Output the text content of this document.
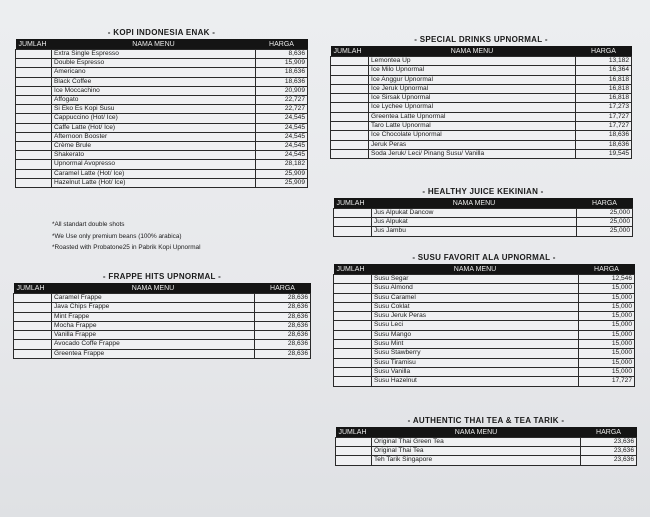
- KOPI INDONESIA ENAK -
JUMLAH	NAMA MENU	HARGA
	Extra Single Espresso	8,636
	Double Espresso	15,909
	Americano	18,636
	Black Coffee	18,636
	Ice Moccachino	20,909
	Affogato	22,727
	Si Eko Es Kopi Susu	22,727
	Cappuccino (Hot/ Ice)	24,545
	Caffe Latte (Hot/ Ice)	24,545
	Afternoon Booster	24,545
	Crème Brule	24,545
	Shakerato	24,545
	Upnormal Avopresso	28,182
	Caramel Latte (Hot/ Ice)	25,909
	Hazelnut Latte (Hot/ Ice)	25,909
*All standart double shots
*We Use only premium beans (100% arabica)
*Roasted with Probatone25 in Pabrik Kopi Upnormal
- FRAPPE HITS UPNORMAL -
JUMLAH	NAMA MENU	HARGA
	Caramel Frappe	28,636
	Java Chips Frappe	28,636
	Mint Frappe	28,636
	Mocha Frappe	28,636
	Vanilla Frappe	28,636
	Avocado Coffe Frappe	28,636
	Greentea Frappe	28,636
- SPECIAL DRINKS UPNORMAL -
JUMLAH	NAMA MENU	HARGA
	Lemontea Up	13,182
	Ice Milo Upnormal	16,364
	Ice Anggur Upnormal	16,818
	Ice Jeruk Upnormal	16,818
	Ice Sirsak Upnormal	16,818
	Ice Lychee Upnormal	17,273
	Greentea Latte Upnormal	17,727
	Taro Latte Upnormal	17,727
	Ice Chocolate Upnormal	18,636
	Jeruk Peras	18,636
	Soda Jeruk/ Leci/ Pinang Susu/ Vanilla	19,545
- HEALTHY JUICE KEKINIAN -
JUMLAH	NAMA MENU	HARGA
	Jus Alpukat Dancow	25,000
	Jus Alpukat	25,000
	Jus Jambu	25,000
- SUSU FAVORIT ALA UPNORMAL -
JUMLAH	NAMA MENU	HARGA
	Susu Segar	12,546
	Susu Almond	15,000
	Susu Caramel	15,000
	Susu Coklat	15,000
	Susu Jeruk Peras	15,000
	Susu Leci	15,000
	Susu Mango	15,000
	Susu Mint	15,000
	Susu Stawberry	15,000
	Susu Tiramisu	15,000
	Susu Vanilla	15,000
	Susu Hazelnut	17,727
- AUTHENTIC THAI TEA & TEA TARIK -
JUMLAH	NAMA MENU	HARGA
	Original Thai Green Tea	23,636
	Original Thai Tea	23,636
	Teh Tarik Singapore	23,636
